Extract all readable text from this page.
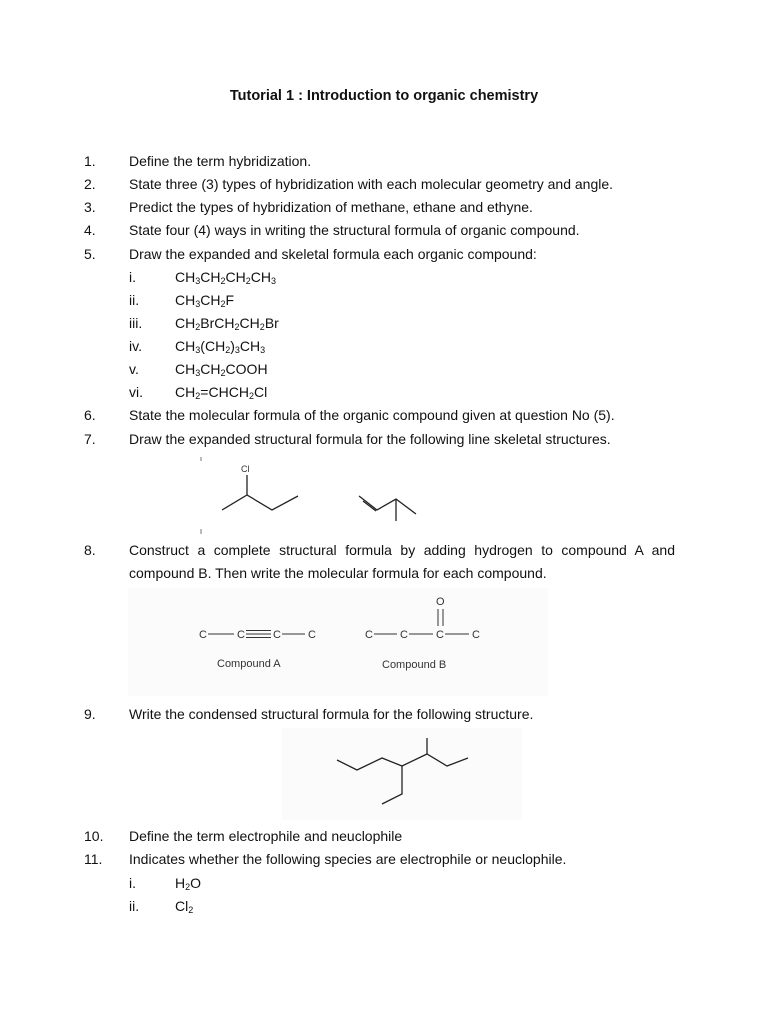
Tutorial 1 : Introduction to organic chemistry
1.	Define the term hybridization.
2.	State three (3) types of hybridization with each molecular geometry and angle.
3.	Predict the types of hybridization of methane, ethane and ethyne.
4.	State four (4) ways in writing the structural formula of organic compound.
5.	Draw the expanded and skeletal formula each organic compound:
i.	$CH_3CH_2CH_2CH_3$
ii.	$CH_3CH_2F$
iii. $CH_2BrCH_2CH_2Br$
iv. $CH_3(CH_2)_3CH_3$
v.	$CH_3CH_2COOH$
vi. $CH_2=CHCH_2Cl$
6.	State the molecular formula of the organic compound given at question No (5).
7.	Draw the expanded structural formula for the following line skeletal structures.
Cl
8.	Construct a complete structural formula by adding hydrogen to compound A and
compound B. Then write the molecular formula for each compound.
C	C	C C
Compound A
C C	C	C
O
Compound B
9.	Write the condensed structural formula for the following structure.
10.	Define the term electrophile and neuclophile
11.	Indicates whether the following species are electrophile or neuclophile.
i.	$H_2O$
ii.	$Cl_2$
